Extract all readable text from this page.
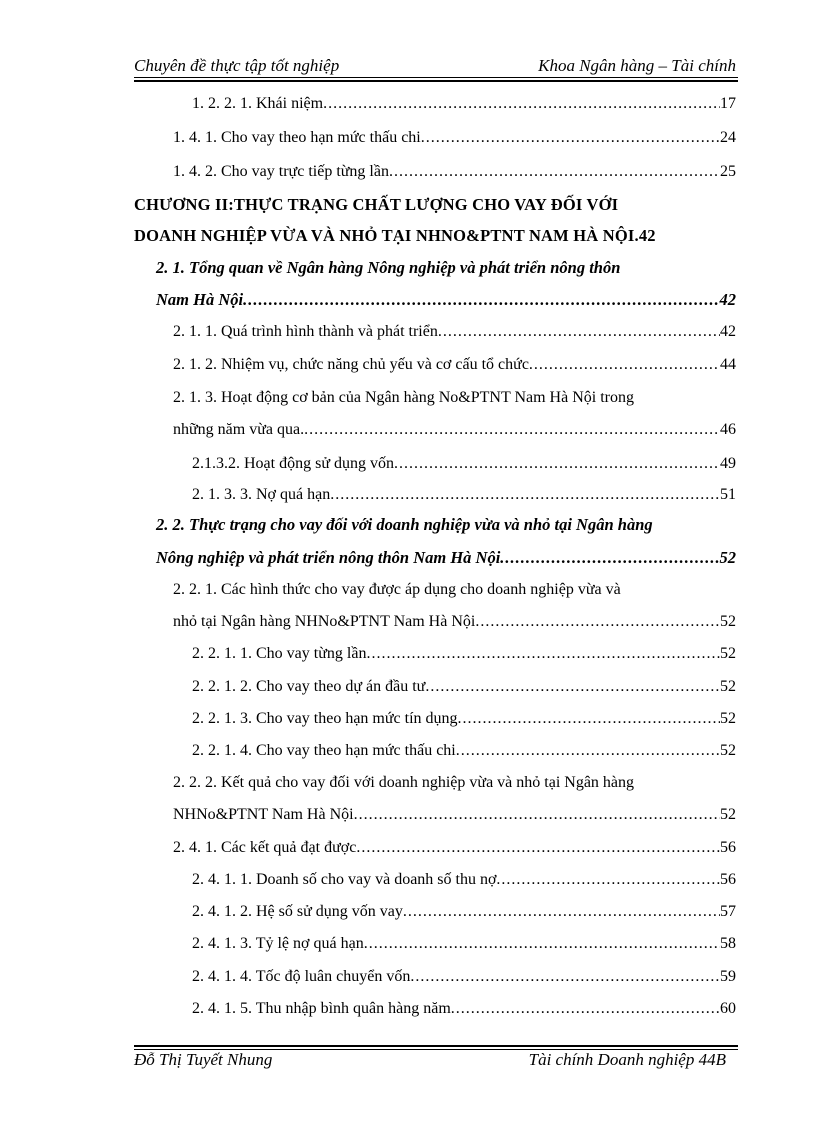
Chuyên đề thực tập tốt nghiệp	Khoa Ngân hàng – Tài chính
1. 2. 2. 1. Khái niệm .....	17
1. 4. 1. Cho vay theo hạn mức thấu chi .....	24
1. 4. 2. Cho vay trực tiếp từng lần .....	25
CHƯƠNG II:THỰC TRẠNG CHẤT LƯỢNG CHO VAY ĐỐI VỚI
DOANH NGHIỆP VỪA VÀ NHỎ TẠI NHNO&PTNT NAM HÀ NỘI. 42
2. 1. Tổng quan về Ngân hàng Nông nghiệp và phát triển nông thôn
Nam Hà Nội .....	42
2. 1. 1. Quá trình hình thành và phát triển .....	42
2. 1. 2. Nhiệm vụ, chức năng chủ yếu và cơ cấu tổ chức .....	44
2. 1. 3. Hoạt động cơ bản của Ngân hàng No&PTNT Nam Hà Nội trong
những năm vừa qua. .....	46
2.1.3.2. Hoạt động sử dụng vốn .....	49
2. 1. 3. 3. Nợ quá hạn .....	51
2. 2. Thực trạng cho vay đối với doanh nghiệp vừa và nhỏ tại Ngân hàng
Nông nghiệp và phát triển nông thôn Nam Hà Nội .....	52
2. 2. 1. Các hình thức cho vay được áp dụng cho doanh nghiệp vừa và
nhỏ tại Ngân hàng NHNo&PTNT Nam Hà Nội .....	52
2. 2. 1. 1. Cho vay từng lần .....	52
2. 2. 1. 2. Cho vay theo dự án đầu tư .....	52
2. 2. 1. 3. Cho vay theo hạn mức tín dụng .....	52
2. 2. 1. 4. Cho vay theo hạn mức thấu chi .....	52
2. 2. 2. Kết quả cho vay đối với doanh nghiệp vừa và nhỏ tại Ngân hàng
NHNo&PTNT Nam Hà Nội .....	52
2. 4. 1. Các kết quả đạt được .....	56
2. 4. 1. 1. Doanh số cho vay và doanh số thu nợ .....	56
2. 4. 1. 2. Hệ số sử dụng vốn vay .....	57
2. 4. 1. 3. Tỷ lệ nợ quá hạn .....	58
2. 4. 1. 4. Tốc độ luân chuyển vốn .....	59
2. 4. 1. 5. Thu nhập bình quân hàng năm .....	60
Đỗ Thị Tuyết Nhung	Tài chính Doanh nghiệp 44B
